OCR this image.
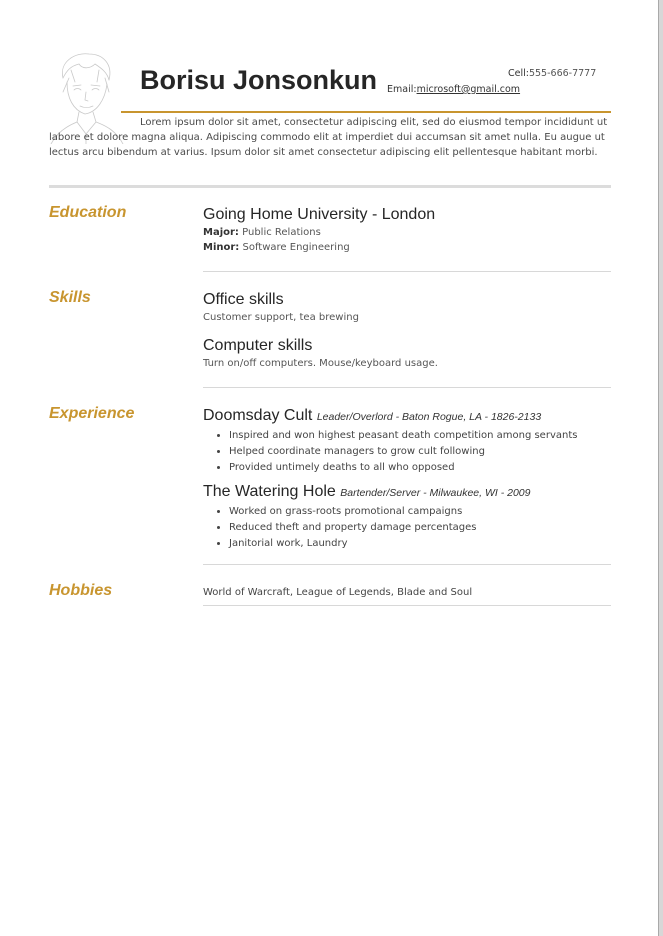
Borisu Jonsonkun	Cell:555-666-7777
Email:microsoft@gmail.com

Lorem ipsum dolor sit amet, consectetur adipiscing elit, sed do eiusmod tempor incididunt ut labore et dolore magna aliqua. Adipiscing commodo elit at imperdiet dui accumsan sit amet nulla. Eu augue ut lectus arcu bibendum at varius. Ipsum dolor sit amet consectetur adipiscing elit pellentesque habitant morbi.

Education	Going Home University - London

Major: Public Relations

Minor: Software Engineering

Skills	Office skills

Customer support, tea brewing

Computer skills

Turn on/off computers. Mouse/keyboard usage.

Experience	Doomsday Cult Leader/Overlord - Baton Rogue, LA - 1826-2133

• Inspired and won highest peasant death competition among servants
• Helped coordinate managers to grow cult following
• Provided untimely deaths to all who opposed

The Watering Hole Bartender/Server - Milwaukee, WI - 2009

• Worked on grass-roots promotional campaigns
• Reduced theft and property damage percentages
• Janitorial work, Laundry
Hobbies	World of Warcraft, League of Legends, Blade and Soul
